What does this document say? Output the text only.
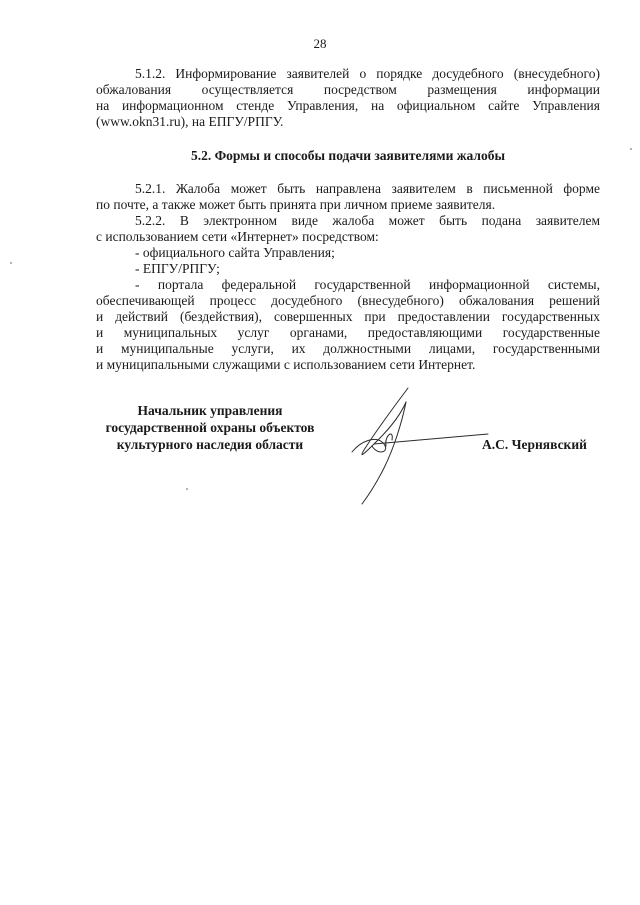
28

5.1.2. Информирование заявителей о порядке досудебного (внесудебного)

обжалования осуществляется посредством размещения информации

на информационном стенде Управления, на официальном сайте Управления

(www.okn31.ru), на ЕПГУ/РПГУ.

5.2. Формы и способы подачи заявителями жалобы

5.2.1. Жалоба может быть направлена заявителем в письменной форме

по почте, а также может быть принята при личном приеме заявителя.

5.2.2. В электронном виде жалоба может быть подана заявителем

с использованием сети «Интернет» посредством:

- официального сайта Управления;

- ЕПГУ/РПГУ;

- портала федеральной государственной информационной системы,

обеспечивающей процесс досудебного (внесудебного) обжалования решений

и действий (бездействия), совершенных при предоставлении государственных

и муниципальных услуг органами, предоставляющими государственные

и муниципальные услуги, их должностными лицами, государственными

и муниципальными служащими с использованием сети Интернет.

Начальник управления
государственной охраны объектов
культурного наследия области	А.С. Чернявский
